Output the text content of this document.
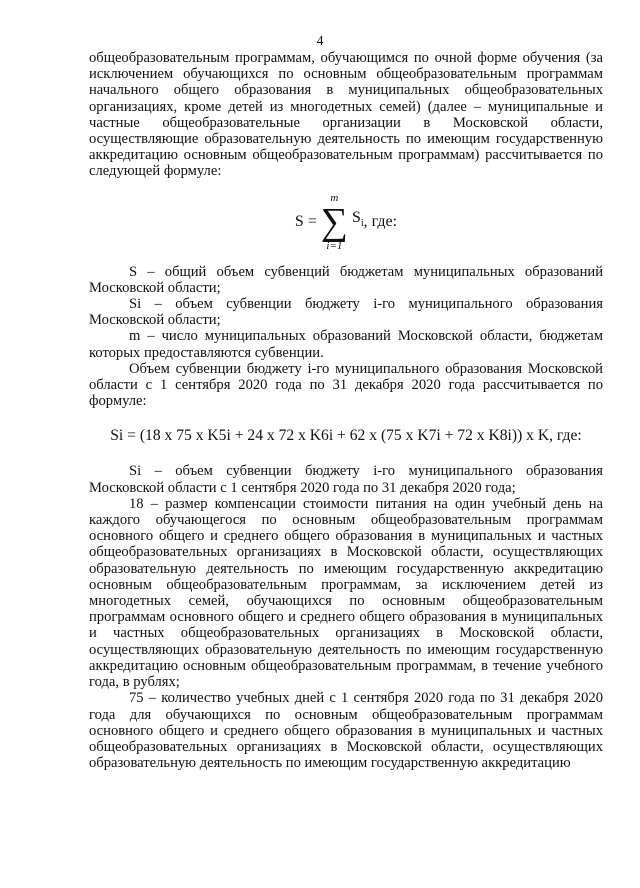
4

общеобразовательным программам, обучающимся по очной форме обучения (за исключением обучающихся по основным общеобразовательным программам начального общего образования в муниципальных общеобразовательных организациях, кроме детей из многодетных семей) (далее – муниципальные и частные общеобразовательные организации в Московской области, осуществляющие образовательную деятельность по имеющим государственную аккредитацию основным общеобразовательным программам) рассчитывается по следующей формуле:

S =
m
∑
i=1
$S_i$ , где:

S – общий объем субвенций бюджетам муниципальных образований Московской области;

Si – объем субвенции бюджету i-го муниципального образования Московской области;

m – число муниципальных образований Московской области, бюджетам которых предоставляются субвенции.

Объем субвенции бюджету i-го муниципального образования Московской области с 1 сентября 2020 года по 31 декабря 2020 года рассчитывается по формуле:

Si = (18 x 75 x K5i + 24 x 72 x K6i + 62 x (75 x K7i + 72 x K8i)) x K, где:

Si – объем субвенции бюджету i-го муниципального образования Московской области с 1 сентября 2020 года по 31 декабря 2020 года;

18 – размер компенсации стоимости питания на один учебный день на каждого обучающегося по основным общеобразовательным программам основного общего и среднего общего образования в муниципальных и частных общеобразовательных организациях в Московской области, осуществляющих образовательную деятельность по имеющим государственную аккредитацию основным общеобразовательным программам, за исключением детей из многодетных семей, обучающихся по основным общеобразовательным программам основного общего и среднего общего образования в муниципальных и частных общеобразовательных организациях в Московской области, осуществляющих образовательную деятельность по имеющим государственную аккредитацию основным общеобразовательным программам, в течение учебного года, в рублях;

75 – количество учебных дней с 1 сентября 2020 года по 31 декабря 2020 года для обучающихся по основным общеобразовательным программам основного общего и среднего общего образования в муниципальных и частных общеобразовательных организациях в Московской области, осуществляющих образовательную деятельность по имеющим государственную аккредитацию
